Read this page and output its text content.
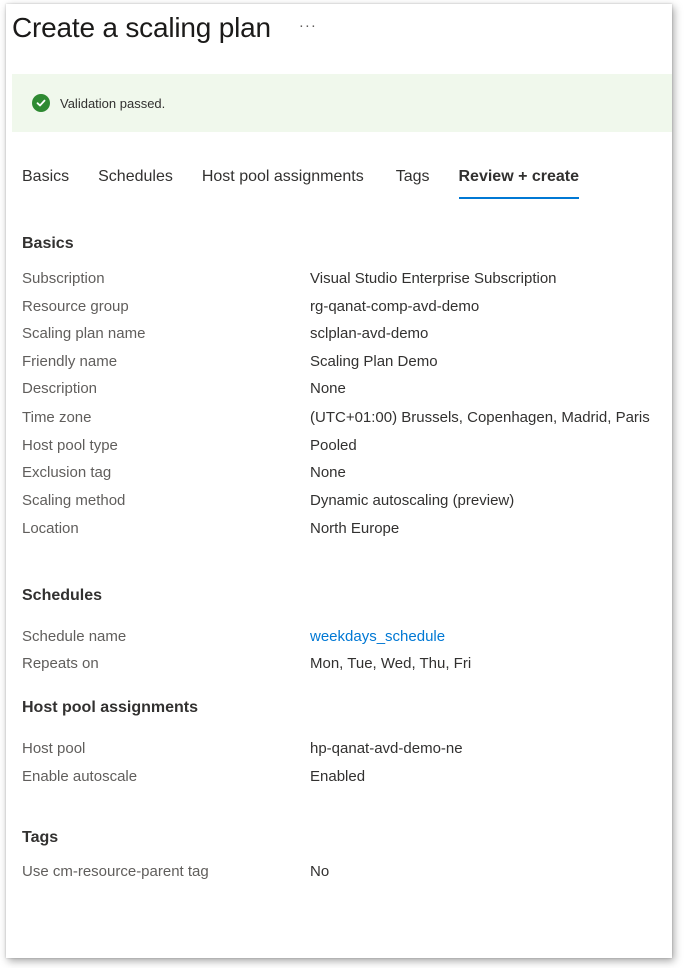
Create a scaling plan ···
Validation passed.
Basics Schedules Host pool assignments Tags Review + create
Basics
Subscription	Visual Studio Enterprise Subscription
Resource group	rg-qanat-comp-avd-demo
Scaling plan name	sclplan-avd-demo
Friendly name	Scaling Plan Demo
Description	None
Time zone	(UTC+01:00) Brussels, Copenhagen, Madrid, Paris
Host pool type	Pooled
Exclusion tag	None
Scaling method	Dynamic autoscaling (preview)
Location	North Europe
Schedules
Schedule name	weekdays_schedule
Repeats on	Mon, Tue, Wed, Thu, Fri
Host pool assignments
Host pool	hp-qanat-avd-demo-ne
Enable autoscale	Enabled
Tags
Use cm-resource-parent tag	No
